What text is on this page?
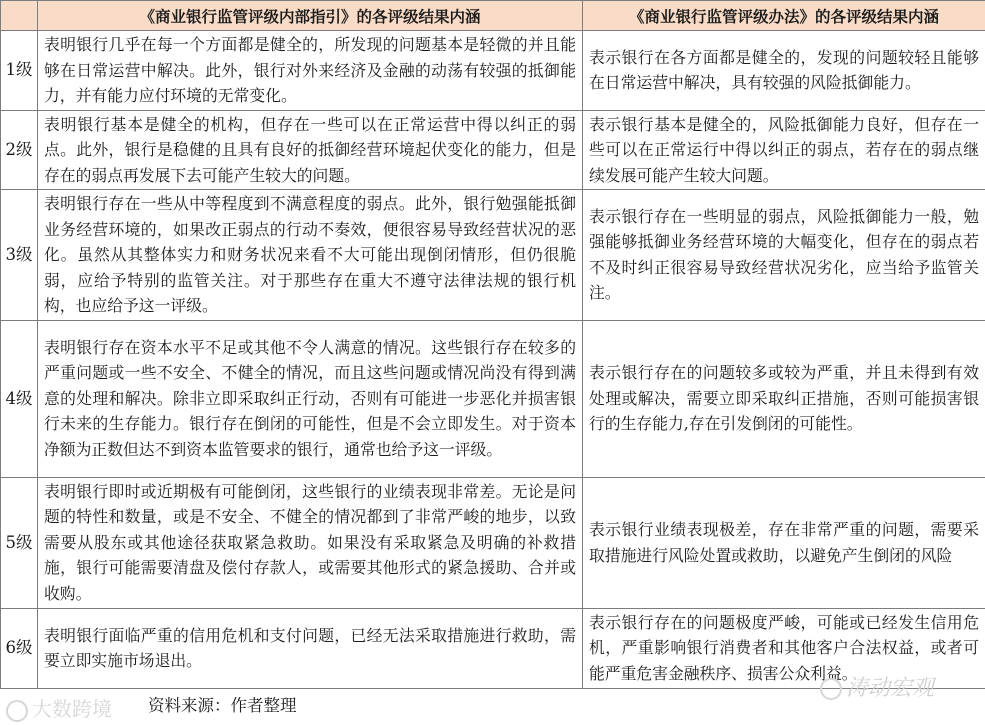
	《商业银行监管评级内部指引》的各评级结果内涵	《商业银行监管评级办法》的各评级结果内涵
1级	表明银行几乎在每一个方面都是健全的，所发现的问题基本是轻微的并且能够在日常运营中解决。此外，银行对外来经济及金融的动荡有较强的抵御能力，并有能力应付环境的无常变化。	表示银行在各方面都是健全的，发现的问题较轻且能够在日常运营中解决，具有较强的风险抵御能力。
2级	表明银行基本是健全的机构，但存在一些可以在正常运营中得以纠正的弱点。此外，银行是稳健的且具有良好的抵御经营环境起伏变化的能力，但是存在的弱点再发展下去可能产生较大的问题。	表示银行基本是健全的，风险抵御能力良好，但存在一些可以在正常运行中得以纠正的弱点，若存在的弱点继续发展可能产生较大问题。
3级	表明银行存在一些从中等程度到不满意程度的弱点。此外，银行勉强能抵御业务经营环境的，如果改正弱点的行动不奏效，便很容易导致经营状况的恶化。虽然从其整体实力和财务状况来看不大可能出现倒闭情形，但仍很脆弱，应给予特别的监管关注。对于那些存在重大不遵守法律法规的银行机构，也应给予这一评级。	表示银行存在一些明显的弱点，风险抵御能力一般，勉强能够抵御业务经营环境的大幅变化，但存在的弱点若不及时纠正很容易导致经营状况劣化，应当给予监管关注。
4级	表明银行存在资本水平不足或其他不令人满意的情况。这些银行存在较多的严重问题或一些不安全、不健全的情况，而且这些问题或情况尚没有得到满意的处理和解决。除非立即采取纠正行动，否则有可能进一步恶化并损害银行未来的生存能力。银行存在倒闭的可能性，但是不会立即发生。对于资本净额为正数但达不到资本监管要求的银行，通常也给予这一评级。	表示银行存在的问题较多或较为严重，并且未得到有效处理或解决，需要立即采取纠正措施，否则可能损害银行的生存能力,存在引发倒闭的可能性。
5级	表明银行即时或近期极有可能倒闭，这些银行的业绩表现非常差。无论是问题的特性和数量，或是不安全、不健全的情况都到了非常严峻的地步，以致需要从股东或其他途径获取紧急救助。如果没有采取紧急及明确的补救措施，银行可能需要清盘及偿付存款人，或需要其他形式的紧急援助、合并或收购。	表示银行业绩表现极差，存在非常严重的问题，需要采取措施进行风险处置或救助，以避免产生倒闭的风险
6级	表明银行面临严重的信用危机和支付问题，已经无法采取措施进行救助，需要立即实施市场退出。	表示银行存在的问题极度严峻，可能或已经发生信用危机，严重影响银行消费者和其他客户合法权益，或者可能严重危害金融秩序、损害公众利益。
大数跨境 资料来源：作者整理
涛动宏观
